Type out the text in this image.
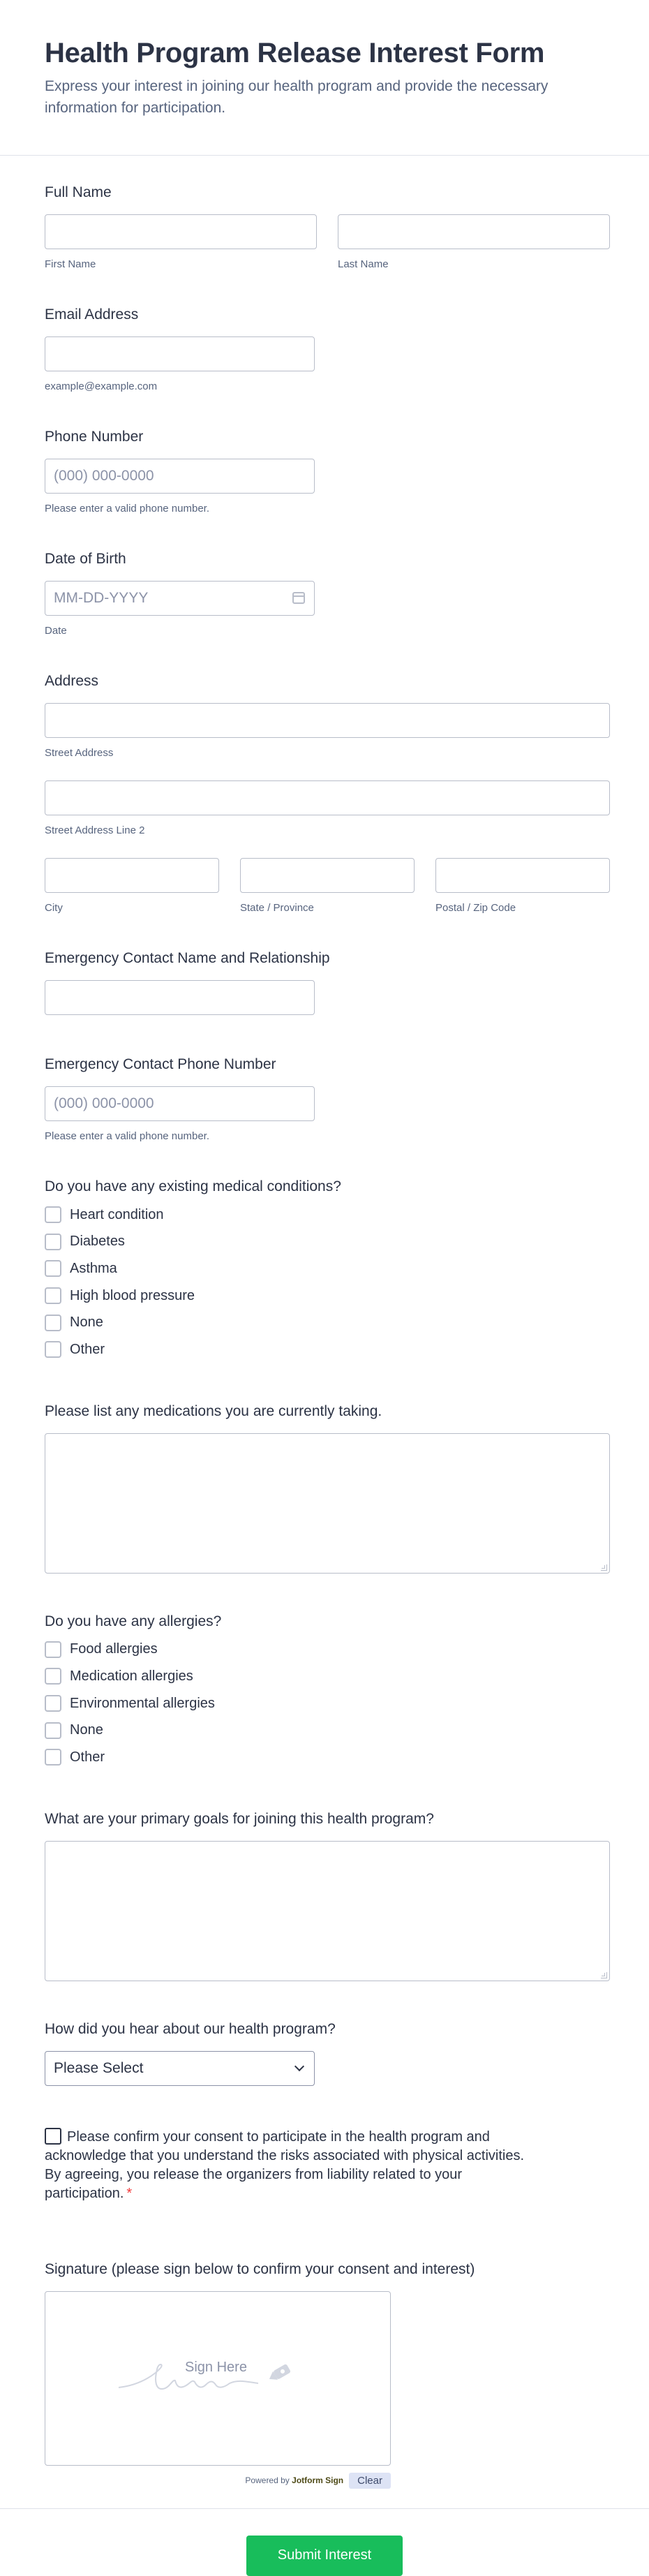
Health Program Release Interest Form

Express your interest in joining our health program and provide the necessary information for participation.

Full Name
First Name	Last Name
Email Address
example@example.com
Phone Number
(000) 000-0000
Please enter a valid phone number.
Date of Birth
MM-DD-YYYY
Date
Address
Street Address
Street Address Line 2
City	State / Province	Postal / Zip Code
Emergency Contact Name and Relationship
Emergency Contact Phone Number
(000) 000-0000
Please enter a valid phone number.
Do you have any existing medical conditions?
Heart condition
Diabetes
Asthma
High blood pressure
None
Other
Please list any medications you are currently taking.
Do you have any allergies?
Food allergies
Medication allergies
Environmental allergies
None
Other
What are your primary goals for joining this health program?
How did you hear about our health program?
Please Select
Please confirm your consent to participate in the health program and acknowledge that you understand the risks associated with physical activities. By agreeing, you release the organizers from liability related to your participation. *
Signature (please sign below to confirm your consent and interest)
Sign Here
Powered by Jotform Sign	Clear
Submit Interest
